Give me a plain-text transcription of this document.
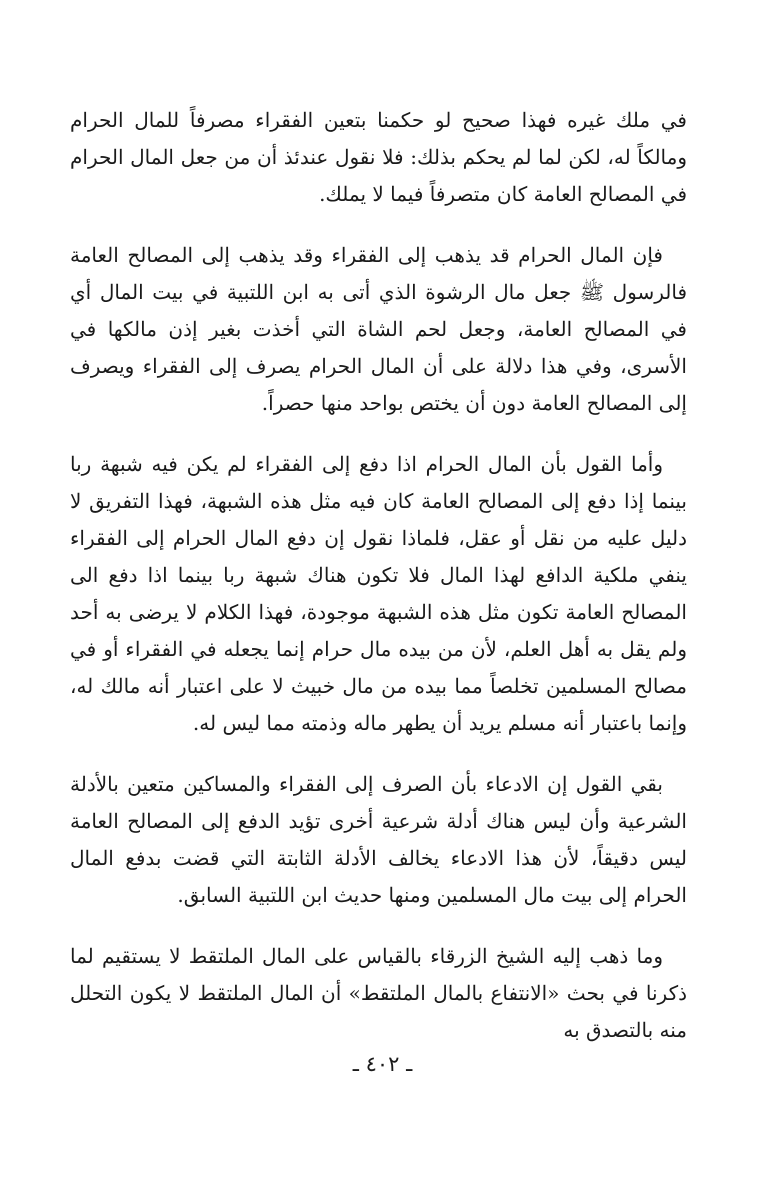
في ملك غيره فهذا صحيح لو حكمنا بتعين الفقراء مصرفاً للمال الحرام ومالكاً له، لكن لما لم يحكم بذلك: فلا نقول عندئذ أن من جعل المال الحرام في المصالح العامة كان متصرفاً فيما لا يملك.

فإن المال الحرام قد يذهب إلى الفقراء وقد يذهب إلى المصالح العامة فالرسول ﷺ جعل مال الرشوة الذي أتى به ابن اللتبية في بيت المال أي في المصالح العامة، وجعل لحم الشاة التي أخذت بغير إذن مالكها في الأسرى، وفي هذا دلالة على أن المال الحرام يصرف إلى الفقراء ويصرف إلى المصالح العامة دون أن يختص بواحد منها حصراً.

وأما القول بأن المال الحرام اذا دفع إلى الفقراء لم يكن فيه شبهة ربا بينما إذا دفع إلى المصالح العامة كان فيه مثل هذه الشبهة، فهذا التفريق لا دليل عليه من نقل أو عقل، فلماذا نقول إن دفع المال الحرام إلى الفقراء ينفي ملكية الدافع لهذا المال فلا تكون هناك شبهة ربا بينما اذا دفع الى المصالح العامة تكون مثل هذه الشبهة موجودة، فهذا الكلام لا يرضى به أحد ولم يقل به أهل العلم، لأن من بيده مال حرام إنما يجعله في الفقراء أو في مصالح المسلمين تخلصاً مما بيده من مال خبيث لا على اعتبار أنه مالك له، وإنما باعتبار أنه مسلم يريد أن يطهر ماله وذمته مما ليس له.

بقي القول إن الادعاء بأن الصرف إلى الفقراء والمساكين متعين بالأدلة الشرعية وأن ليس هناك أدلة شرعية أخرى تؤيد الدفع إلى المصالح العامة ليس دقيقاً، لأن هذا الادعاء يخالف الأدلة الثابتة التي قضت بدفع المال الحرام إلى بيت مال المسلمين ومنها حديث ابن اللتبية السابق.

وما ذهب إليه الشيخ الزرقاء بالقياس على المال الملتقط لا يستقيم لما ذكرنا في بحث «الانتفاع بالمال الملتقط» أن المال الملتقط لا يكون التحلل منه بالتصدق به

ـ ٤٠٢ ـ
